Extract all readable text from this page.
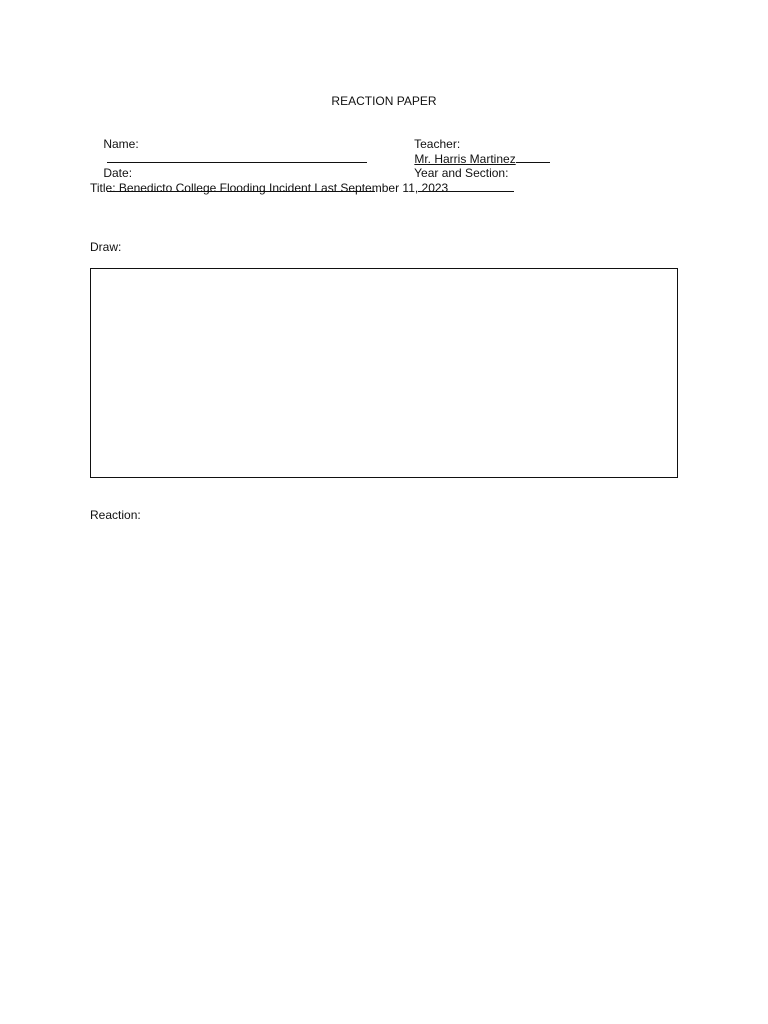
REACTION PAPER

Name:

	Teacher:
Mr. Harris Martinez

Date:

	Year and Section:

Title: Benedicto College Flooding Incident Last September 11, 2023
Draw:
Reaction:
